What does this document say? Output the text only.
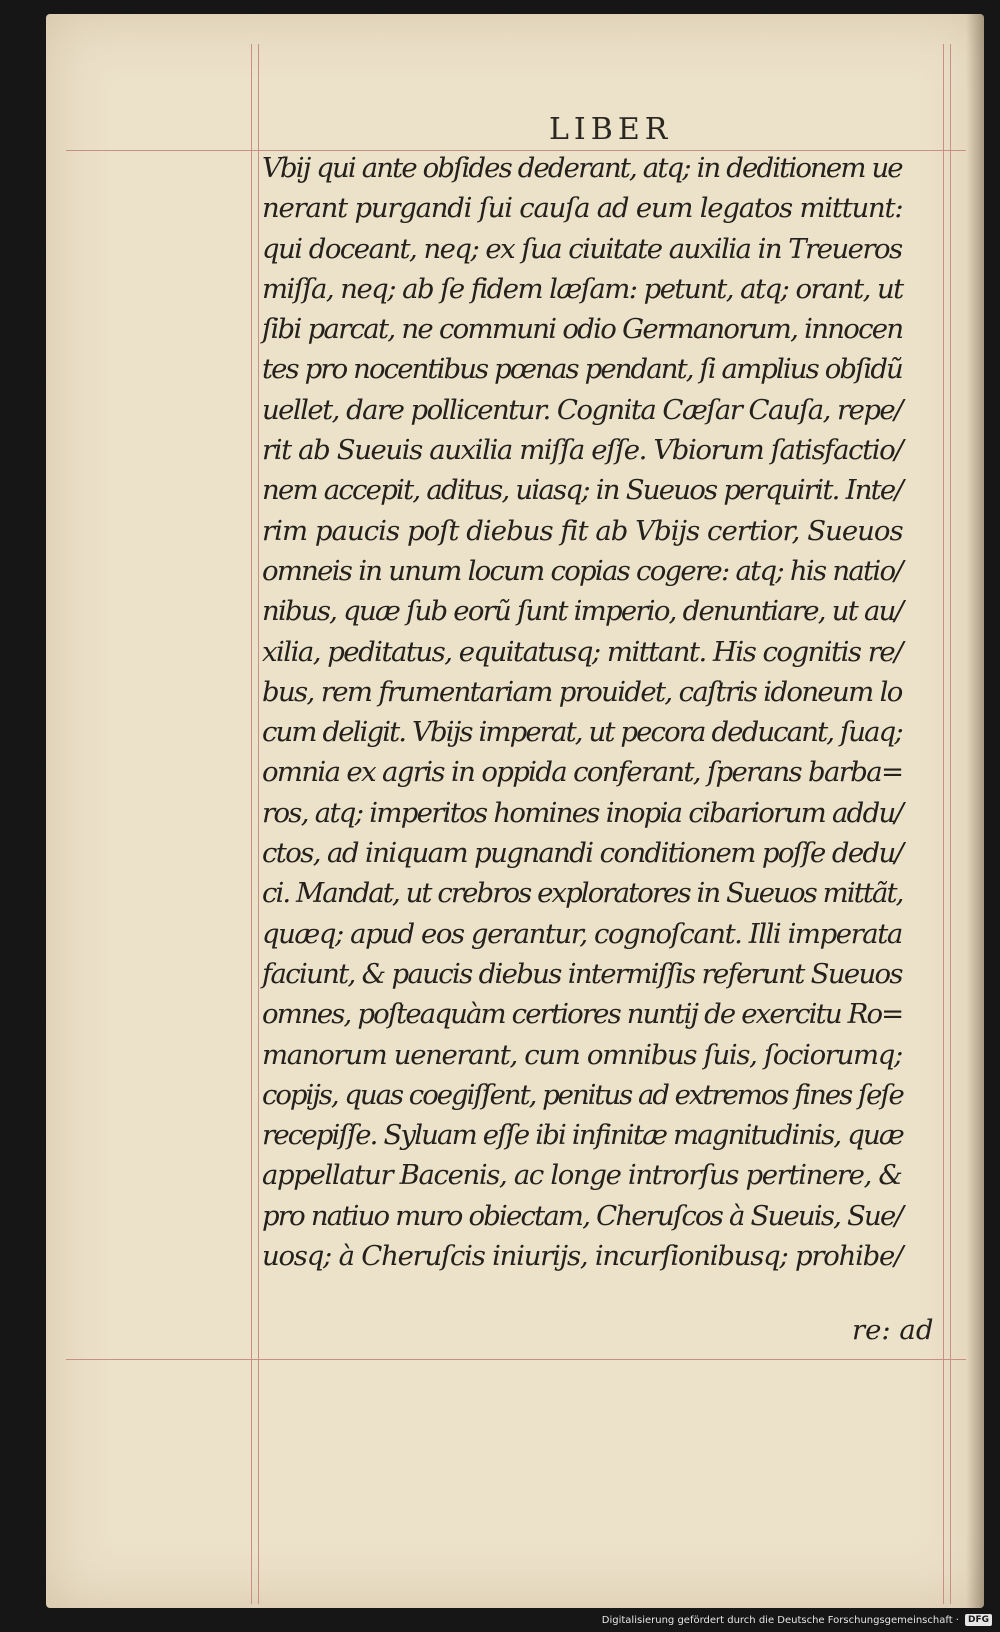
LIBER
Vbij qui ante obſides dederant, atq; in deditionem ue
nerant purgandi ſui cauſa ad eum legatos mittunt:
qui doceant, neq; ex ſua ciuitate auxilia in Treueros
miſſa, neq; ab ſe fidem læſam: petunt, atq; orant, ut
ſibi parcat, ne communi odio Germanorum, innocen
tes pro nocentibus pœnas pendant, ſi amplius obſidũ
uellet, dare pollicentur. Cognita Cæſar Cauſa, repe/
rit ab Sueuis auxilia miſſa eſſe. Vbiorum ſatisfactio/
nem accepit, aditus, uiasq; in Sueuos perquirit. Inte/
rim paucis poſt diebus fit ab Vbijs certior, Sueuos
omneis in unum locum copias cogere: atq; his natio/
nibus, quæ ſub eorũ ſunt imperio, denuntiare, ut au/
xilia, peditatus, equitatusq; mittant. His cognitis re/
bus, rem frumentariam prouidet, caſtris idoneum lo
cum deligit. Vbijs imperat, ut pecora deducant, ſuaq;
omnia ex agris in oppida conferant, ſperans barba=
ros, atq; imperitos homines inopia cibariorum addu/
ctos, ad iniquam pugnandi conditionem poſſe dedu/
ci. Mandat, ut crebros exploratores in Sueuos mittãt,
quæq; apud eos gerantur, cognoſcant. Illi imperata
faciunt, & paucis diebus intermiſſis referunt Sueuos
omnes, poſteaquàm certiores nuntij de exercitu Ro=
manorum uenerant, cum omnibus ſuis, ſociorumq;
copijs, quas coegiſſent, penitus ad extremos fines ſeſe
recepiſſe. Syluam eſſe ibi infinitæ magnitudinis, quæ
appellatur Bacenis, ac longe introrſus pertinere, &
pro natiuo muro obiectam, Cheruſcos à Sueuis, Sue/
uosq; à Cheruſcis iniurijs, incurſionibusq; prohibe/
re: ad
Digitalisierung gefördert durch die Deutsche Forschungsgemeinschaft ·	DFG
